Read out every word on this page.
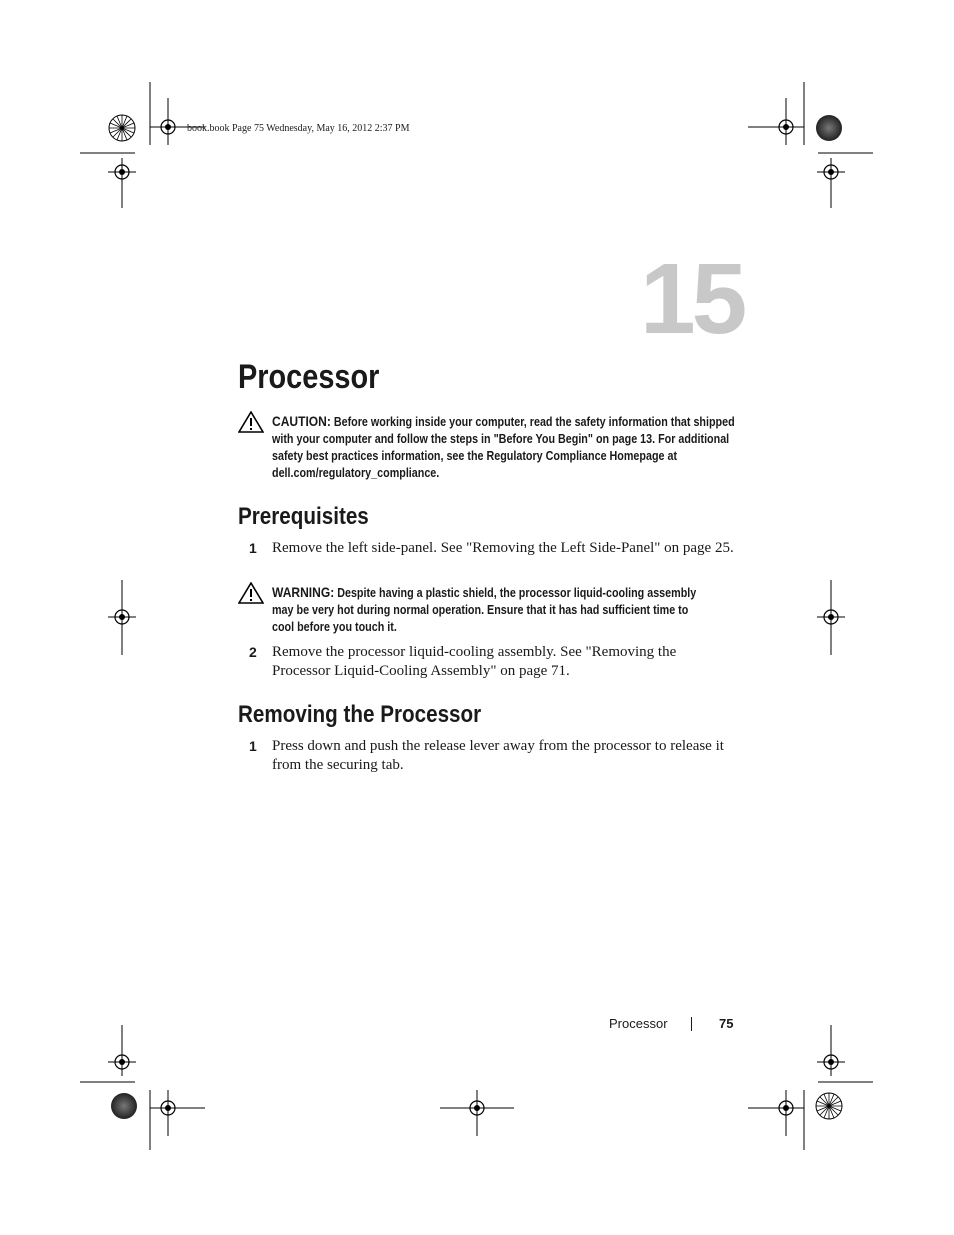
book.book Page 75 Wednesday, May 16, 2012 2:37 PM
15
Processor
CAUTION: Before working inside your computer, read the safety information that shipped with your computer and follow the steps in "Before You Begin" on page 13. For additional safety best practices information, see the Regulatory Compliance Homepage at dell.com/regulatory_compliance.
Prerequisites
1 Remove the left side-panel. See "Removing the Left Side-Panel" on page 25.
WARNING: Despite having a plastic shield, the processor liquid-cooling assembly may be very hot during normal operation. Ensure that it has had sufficient time to cool before you touch it.
2 Remove the processor liquid-cooling assembly. See "Removing the Processor Liquid-Cooling Assembly" on page 71.
Removing the Processor
1 Press down and push the release lever away from the processor to release it from the securing tab.
Processor	75
